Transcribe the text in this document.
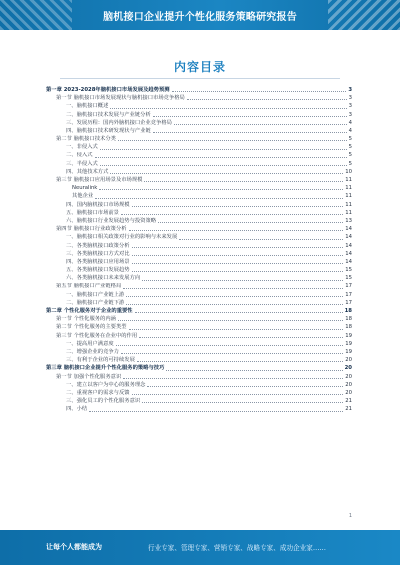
脑机接口企业提升个性化服务策略研究报告
内容目录
第一章 2023-2028年脑机接口市场发展及趋势预测	3
第一节 脑机接口市场发展现状与脑机接口市场竞争格局	3
一、脑机接口概述	3
二、脑机接口技术发展与产业链分析	3
三、发展历程：国内外脑机接口企业竞争格局	4
四、脑机接口技术研发现状与产业链	4
第二节 脑机接口技术分类	5
一、非侵入式	5
二、侵入式	5
三、半侵入式	5
四、其他技术方式	10
第三节 脑机接口应用场景及市场规模	11
Neuralink	11
其他企业	11
四、国内脑机接口市场规模	11
五、脑机接口市场前景	11
六、脑机接口行业发展趋势与投资策略	13
第四节 脑机接口行业政策分析	14
一、脑机接口相关政策对行业的影响与未来发展	14
二、各类脑机接口政策分析	14
三、各类脑机接口方式对比	14
四、各类脑机接口应用场景	14
五、各类脑机接口发展趋势	15
六、各类脑机接口未来发展方向	15
第五节 脑机接口产业链格局	17
一、脑机接口产业链上游	17
二、脑机接口产业链下游	17
第二章 个性化服务对于企业的重要性	18
第一节 个性化服务的内涵	18
第二节 个性化服务的主要类型	18
第三节 个性化服务在企业中的作用	19
一、提高用户满意度	19
二、增强企业的竞争力	19
三、有利于企业的可持续发展	20
第三章 脑机接口企业提升个性化服务的策略与技巧	20
第一节 加强个性化服务意识	20
一、建立以客户为中心的服务理念	20
二、重视客户的需求与反馈	20
三、强化员工的个性化服务意识	21
四、小结	21
1
让每个人都能成为	行业专家、管理专家、营销专家、战略专家、成功企业家……
